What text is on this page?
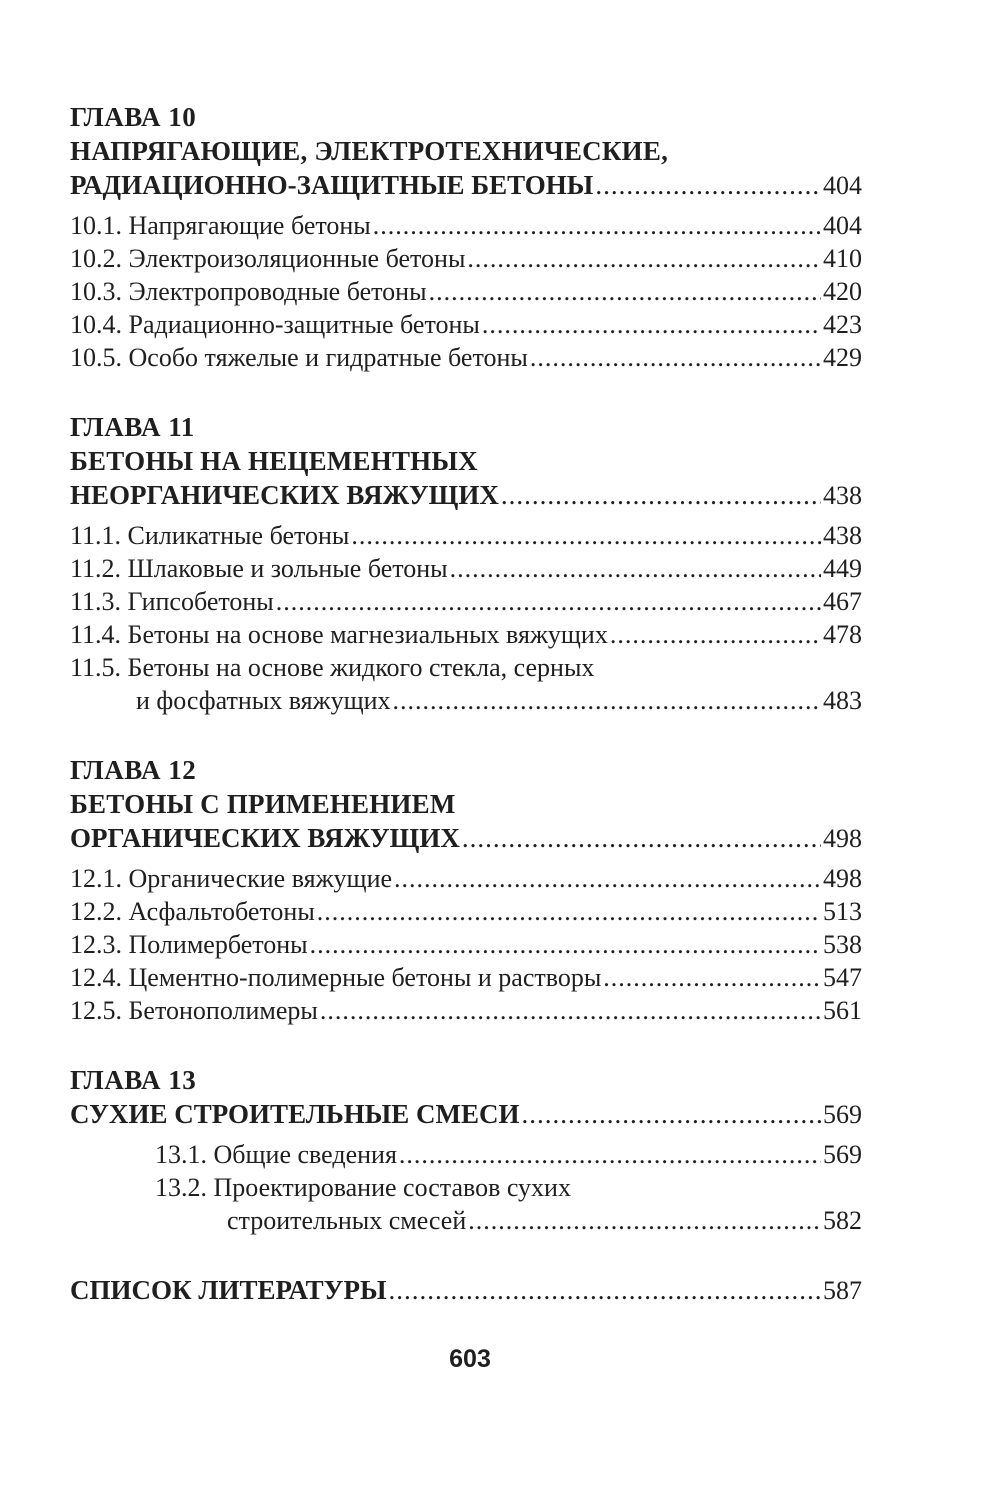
ГЛАВА 10
НАПРЯГАЮЩИЕ, ЭЛЕКТРОТЕХНИЧЕСКИЕ,
РАДИАЦИОННО-ЗАЩИТНЫЕ БЕТОНЫ .....	404
10.1. Напрягающие бетоны .....	404
10.2. Электроизоляционные бетоны .....	410
10.3. Электропроводные бетоны .....	420
10.4. Радиационно-защитные бетоны .....	423
10.5. Особо тяжелые и гидратные бетоны .....	429
ГЛАВА 11
БЕТОНЫ НА НЕЦЕМЕНТНЫХ
НЕОРГАНИЧЕСКИХ ВЯЖУЩИХ .....	438
11.1. Силикатные бетоны .....	438
11.2. Шлаковые и зольные бетоны .....	449
11.3. Гипсобетоны .....	467
11.4. Бетоны на основе магнезиальных вяжущих .....	478
11.5. Бетоны на основе жидкого стекла, серных
и фосфатных вяжущих .....	483
ГЛАВА 12
БЕТОНЫ С ПРИМЕНЕНИЕМ
ОРГАНИЧЕСКИХ ВЯЖУЩИХ .....	498
12.1. Органические вяжущие .....	498
12.2. Асфальтобетоны .....	513
12.3. Полимербетоны .....	538
12.4. Цементно-полимерные бетоны и растворы .....	547
12.5. Бетонополимеры .....	561
ГЛАВА 13
СУХИЕ СТРОИТЕЛЬНЫЕ СМЕСИ .....	569
13.1. Общие сведения .....	569
13.2. Проектирование составов сухих
строительных смесей .....	582
СПИСОК ЛИТЕРАТУРЫ .....	587
603
